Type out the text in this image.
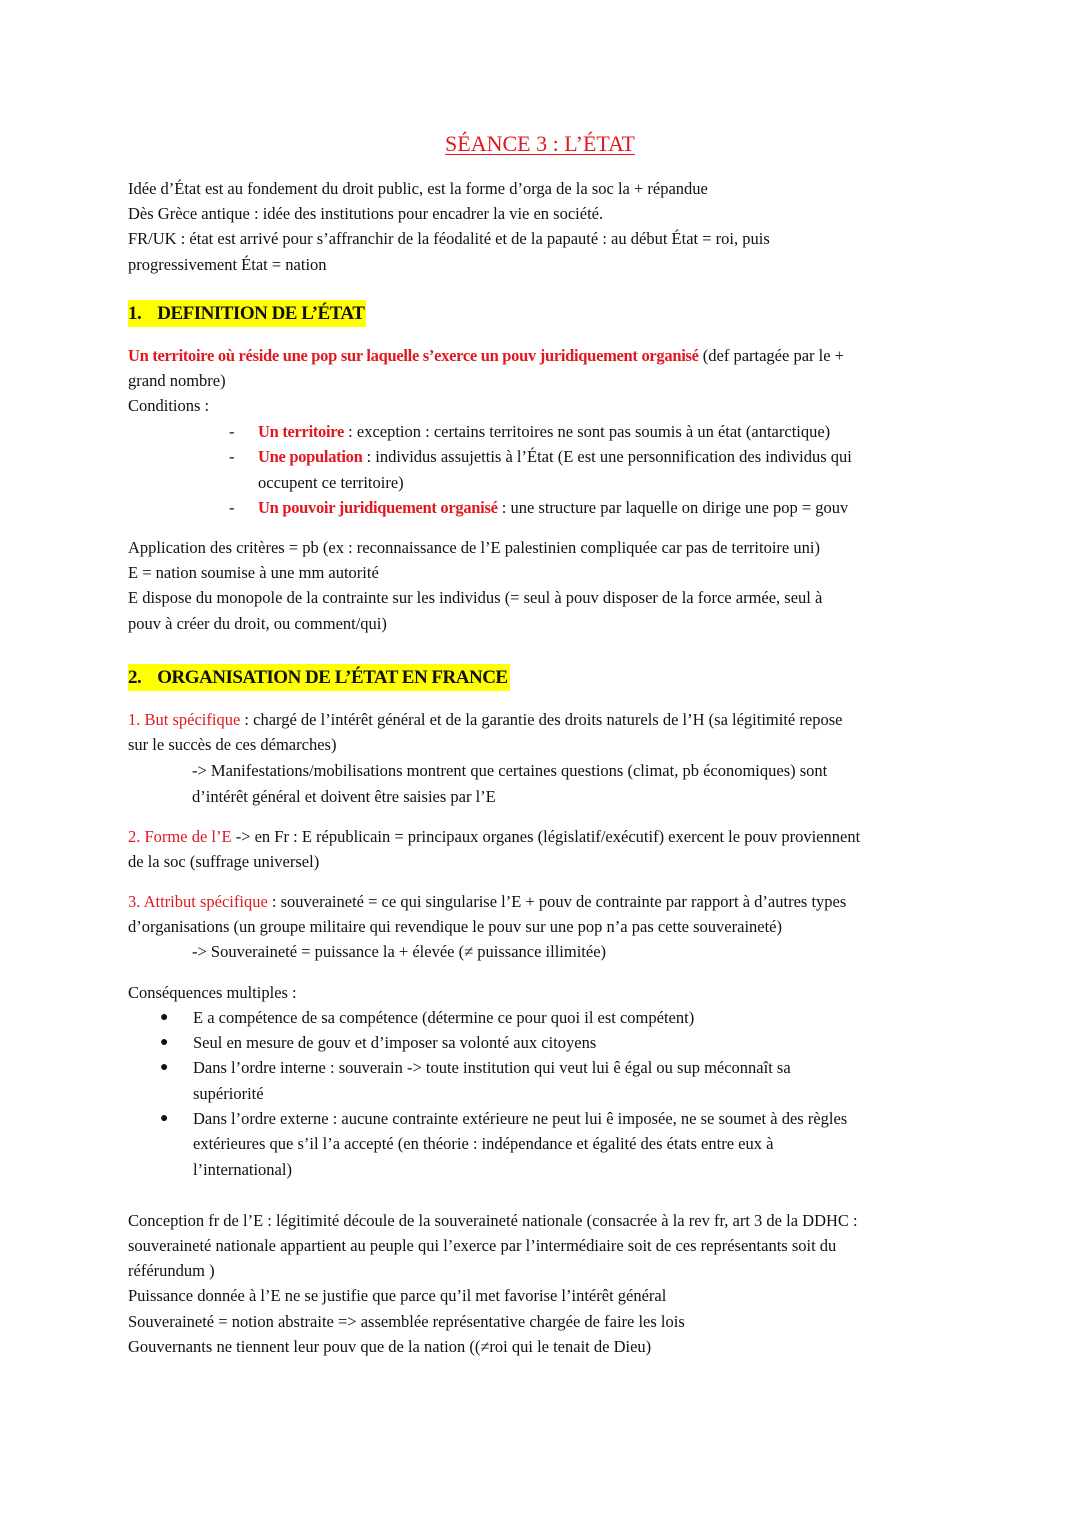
SÉANCE 3 : L’ÉTAT
Idée d’État est au fondement du droit public, est la forme d’orga de la soc la + répandue
Dès Grèce antique : idée des institutions pour encadrer la vie en société.
FR/UK : état est arrivé pour s’affranchir de la féodalité et de la papauté : au début État = roi, puis
progressivement État = nation
1. DEFINITION DE L’ÉTAT
Un territoire où réside une pop sur laquelle s’exerce un pouv juridiquement organisé (def partagée par le +
grand nombre)
Conditions :
- Un territoire : exception : certains territoires ne sont pas soumis à un état (antarctique)
- Une population : individus assujettis à l’État (E est une personnification des individus qui
occupent ce territoire)
- Un pouvoir juridiquement organisé : une structure par laquelle on dirige une pop = gouv
Application des critères = pb (ex : reconnaissance de l’E palestinien compliquée car pas de territoire uni)
E = nation soumise à une mm autorité
E dispose du monopole de la contrainte sur les individus (= seul à pouv disposer de la force armée, seul à
pouv à créer du droit, ou comment/qui)
2. ORGANISATION DE L’ÉTAT EN FRANCE
1. But spécifique : chargé de l’intérêt général et de la garantie des droits naturels de l’H (sa légitimité repose
sur le succès de ces démarches)
-> Manifestations/mobilisations montrent que certaines questions (climat, pb économiques) sont
d’intérêt général et doivent être saisies par l’E
2. Forme de l’E -> en Fr : E républicain = principaux organes (législatif/exécutif) exercent le pouv proviennent
de la soc (suffrage universel)
3. Attribut spécifique : souveraineté = ce qui singularise l’E + pouv de contrainte par rapport à d’autres types
d’organisations (un groupe militaire qui revendique le pouv sur une pop n’a pas cette souveraineté)
-> Souveraineté = puissance la + élevée (≠ puissance illimitée)
Conséquences multiples :
● E a compétence de sa compétence (détermine ce pour quoi il est compétent)
● Seul en mesure de gouv et d’imposer sa volonté aux citoyens
● Dans l’ordre interne : souverain -> toute institution qui veut lui ê égal ou sup méconnaît sa
supériorité
● Dans l’ordre externe : aucune contrainte extérieure ne peut lui ê imposée, ne se soumet à des règles
extérieures que s’il l’a accepté (en théorie : indépendance et égalité des états entre eux à
l’international)
Conception fr de l’E : légitimité découle de la souveraineté nationale (consacrée à la rev fr, art 3 de la DDHC :
souveraineté nationale appartient au peuple qui l’exerce par l’intermédiaire soit de ces représentants soit du
référundum )
Puissance donnée à l’E ne se justifie que parce qu’il met favorise l’intérêt général
Souveraineté = notion abstraite => assemblée représentative chargée de faire les lois
Gouvernants ne tiennent leur pouv que de la nation ((≠roi qui le tenait de Dieu)
